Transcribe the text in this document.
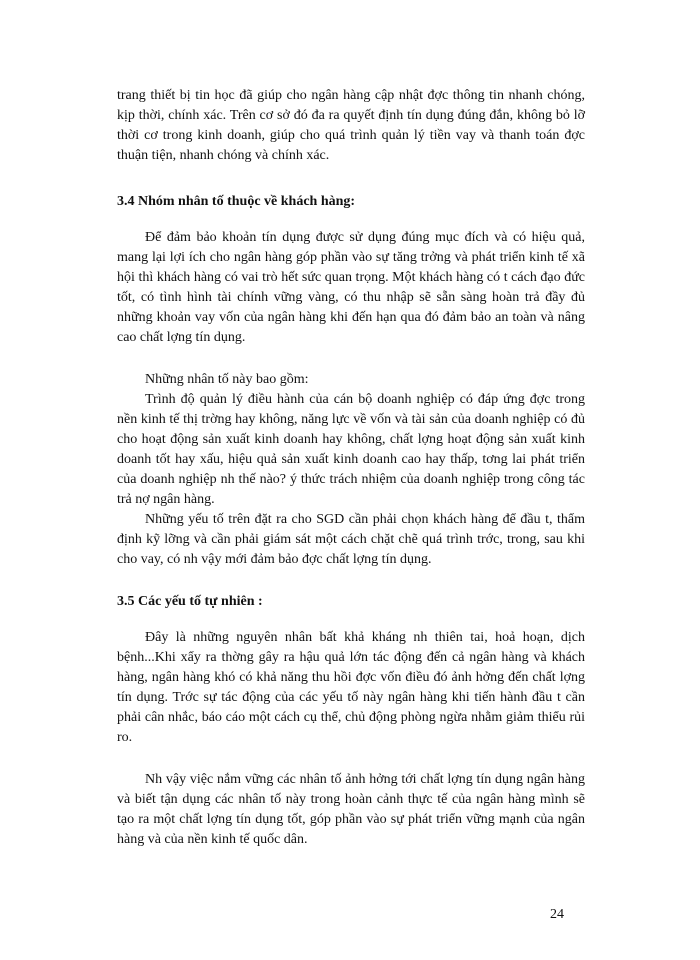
trang thiết bị tin học đã giúp cho ngân hàng cập nhật đợc thông tin nhanh chóng, kịp thời, chính xác. Trên cơ sở đó đa ra quyết định tín dụng đúng đắn, không bỏ lỡ thời cơ trong kinh doanh, giúp cho quá trình quản lý tiền vay và thanh toán đợc thuận tiện, nhanh chóng và chính xác.

3.4 Nhóm nhân tố thuộc về khách hàng:

Để đảm bảo khoản tín dụng được sử dụng đúng mục đích và có hiệu quả, mang lại lợi ích cho ngân hàng góp phần vào sự tăng trởng và phát triển kinh tế xã hội thì khách hàng có vai trò hết sức quan trọng. Một khách hàng có t cách đạo đức tốt, có tình hình tài chính vững vàng, có thu nhập sẽ sẵn sàng hoàn trả đầy đủ những khoản vay vốn của ngân hàng khi đến hạn qua đó đảm bảo an toàn và nâng cao chất lợng tín dụng.

Những nhân tố này bao gồm:

Trình độ quản lý điều hành của cán bộ doanh nghiệp có đáp ứng đợc trong nền kinh tế thị trờng hay không, năng lực về vốn và tài sản của doanh nghiệp có đủ cho hoạt động sản xuất kinh doanh hay không, chất lợng hoạt động sản xuất kinh doanh tốt hay xấu, hiệu quả sản xuất kinh doanh cao hay thấp, tơng lai phát triển của doanh nghiệp nh thế nào? ý thức trách nhiệm của doanh nghiệp trong công tác trả nợ ngân hàng.

Những yếu tố trên đặt ra cho SGD cần phải chọn khách hàng để đầu t, thẩm định kỹ lỡng và cần phải giám sát một cách chặt chẽ quá trình trớc, trong, sau khi cho vay, có nh vậy mới đảm bảo đợc chất lợng tín dụng.

3.5 Các yếu tố tự nhiên :

Đây là những nguyên nhân bất khả kháng nh thiên tai, hoả hoạn, dịch bệnh...Khi xẩy ra thờng gây ra hậu quả lớn tác động đến cả ngân hàng và khách hàng, ngân hàng khó có khả năng thu hồi đợc vốn điều đó ảnh hởng đến chất lợng tín dụng. Trớc sự tác động của các yếu tố này ngân hàng khi tiến hành đầu t cần phải cân nhắc, báo cáo một cách cụ thể, chủ động phòng ngừa nhằm giảm thiểu rủi ro.

Nh vậy việc nắm vững các nhân tố ảnh hởng tới chất lợng tín dụng ngân hàng và biết tận dụng các nhân tố này trong hoàn cảnh thực tế của ngân hàng mình sẽ tạo ra một chất lợng tín dụng tốt, góp phần vào sự phát triển vững mạnh của ngân hàng và của nền kinh tế quốc dân.

24
